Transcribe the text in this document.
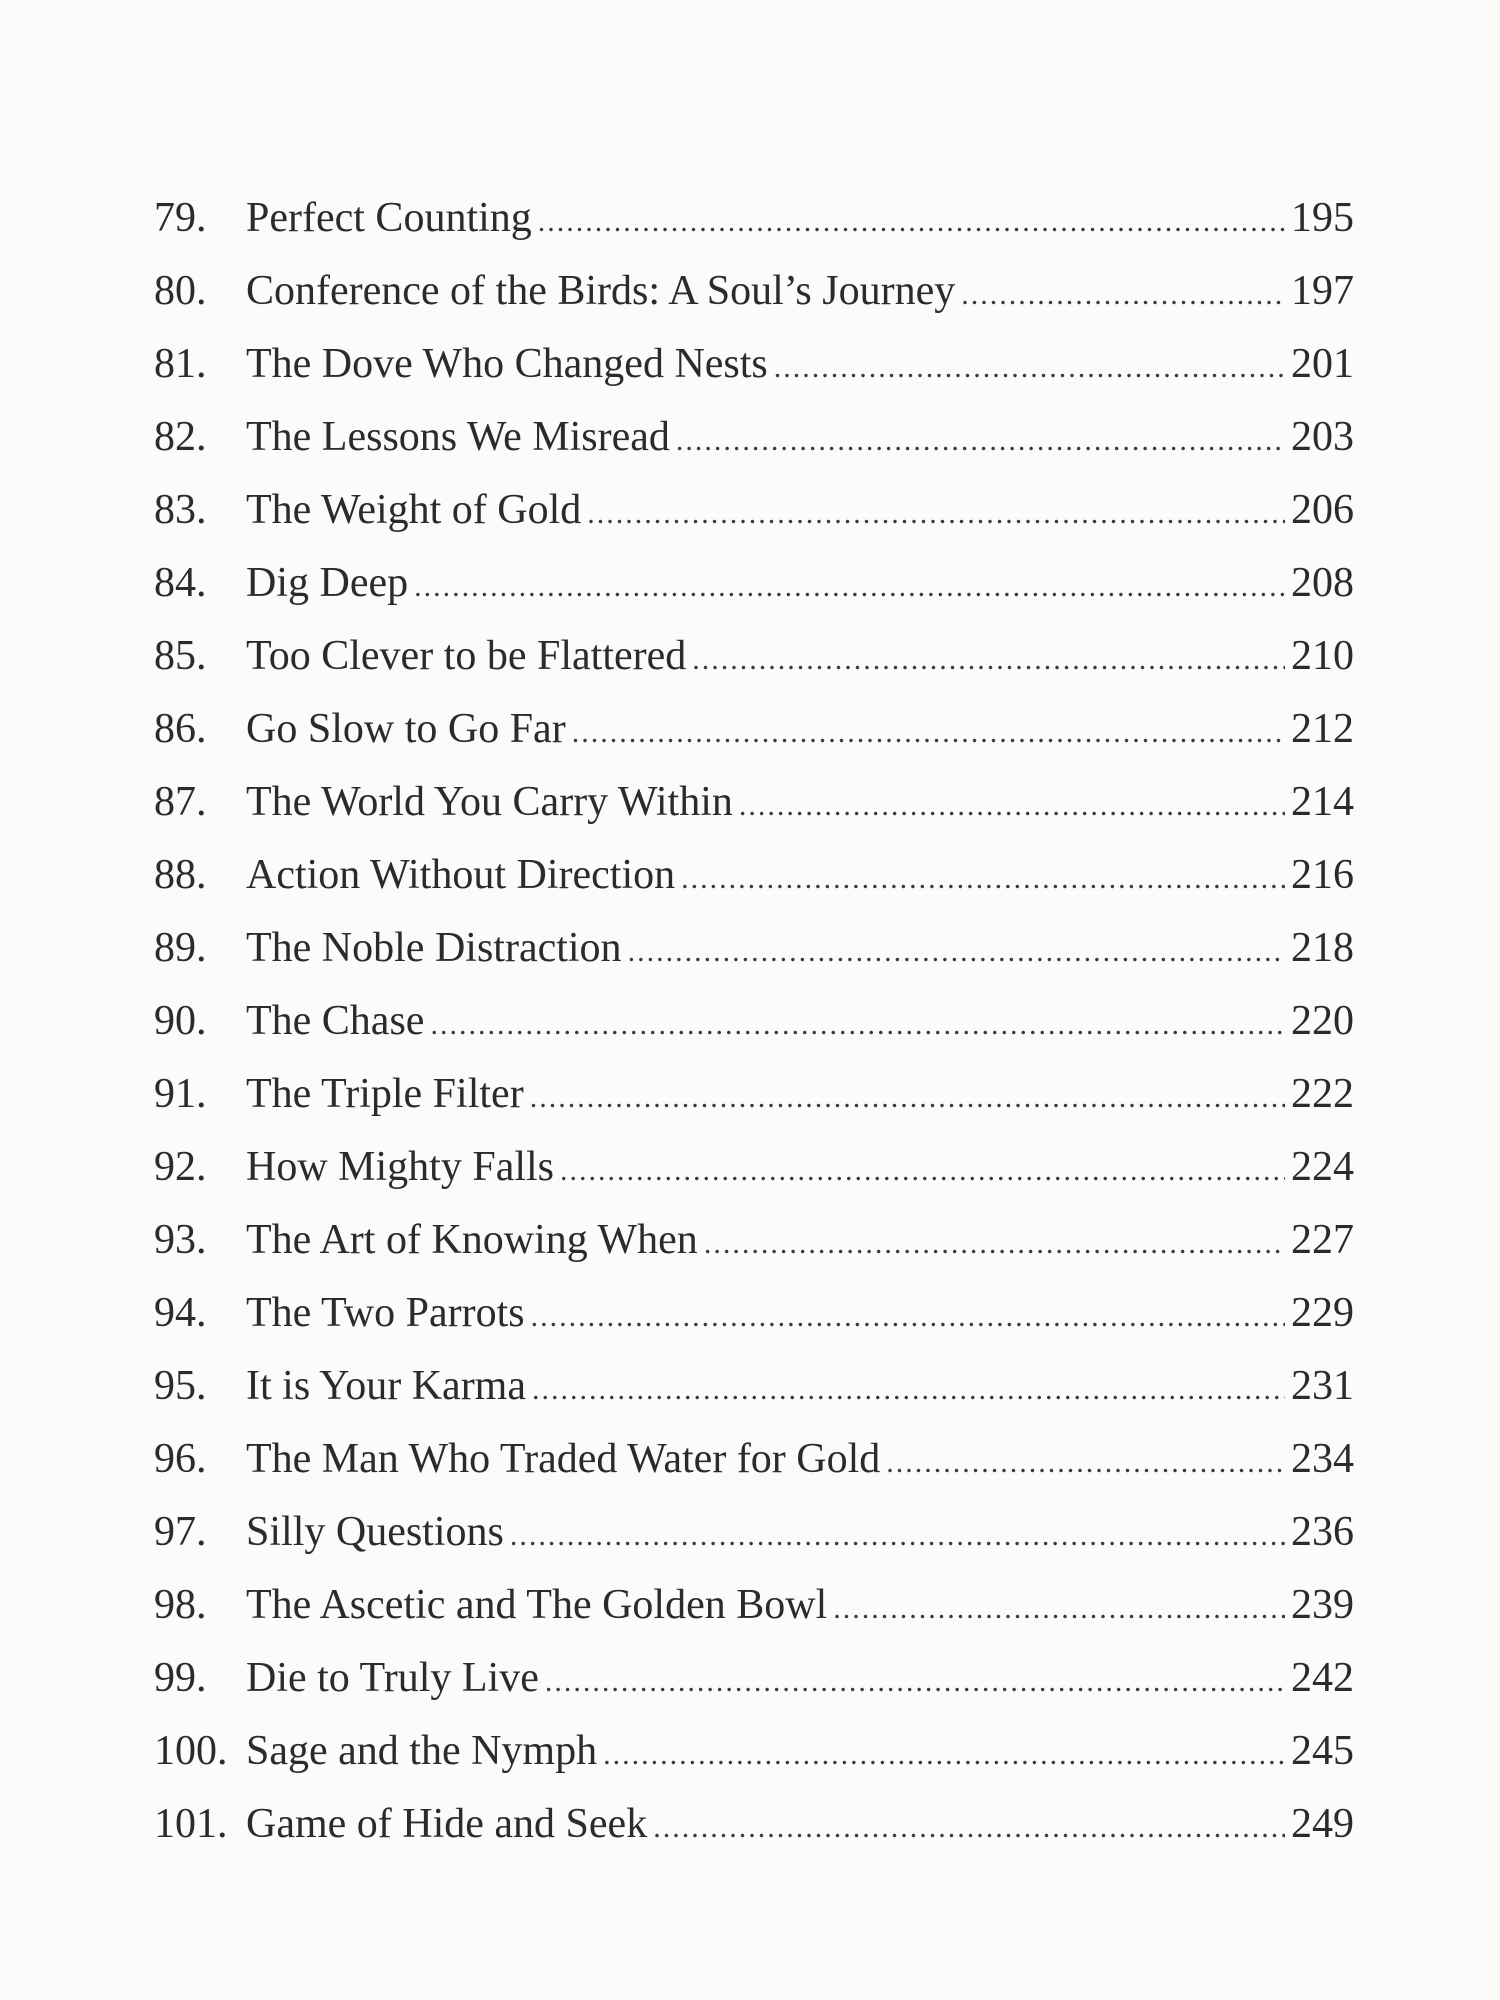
79. Perfect Counting .....	195
80. Conference of the Birds: A Soul’s Journey .....	197
81. The Dove Who Changed Nests .....	201
82. The Lessons We Misread .....	203
83. The Weight of Gold .....	206
84. Dig Deep .....	208
85. Too Clever to be Flattered .....	210
86. Go Slow to Go Far .....	212
87. The World You Carry Within .....	214
88. Action Without Direction .....	216
89. The Noble Distraction .....	218
90. The Chase .....	220
91. The Triple Filter .....	222
92. How Mighty Falls .....	224
93. The Art of Knowing When .....	227
94. The Two Parrots .....	229
95. It is Your Karma .....	231
96. The Man Who Traded Water for Gold .....	234
97. Silly Questions .....	236
98. The Ascetic and The Golden Bowl .....	239
99. Die to Truly Live .....	242
100. Sage and the Nymph .....	245
101. Game of Hide and Seek .....	249
